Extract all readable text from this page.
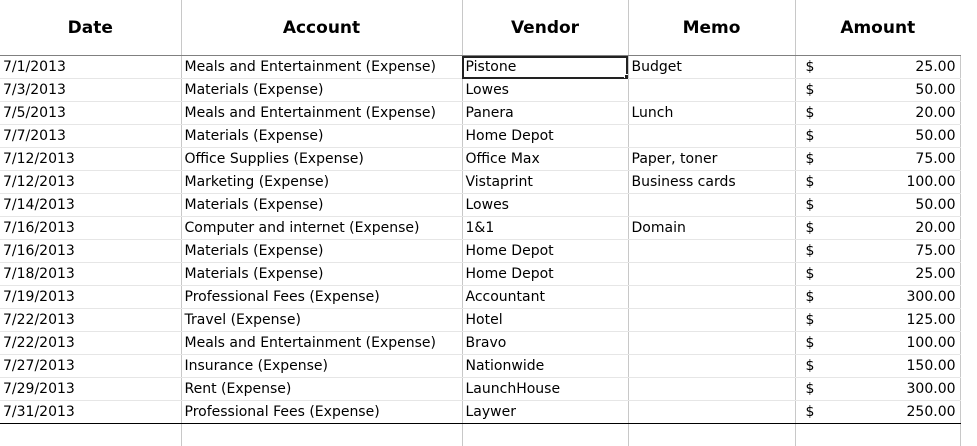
Date	Account	Vendor	Memo	Amount	
7/1/2013	Meals and Entertainment (Expense)	Pistone	Budget	$	25.00
7/3/2013	Materials (Expense)	Lowes		$	50.00
7/5/2013	Meals and Entertainment (Expense)	Panera	Lunch	$	20.00
7/7/2013	Materials (Expense)	Home Depot		$	50.00
7/12/2013	Office Supplies (Expense)	Office Max	Paper, toner	$	75.00
7/12/2013	Marketing (Expense)	Vistaprint	Business cards	$	100.00
7/14/2013	Materials (Expense)	Lowes		$	50.00
7/16/2013	Computer and internet (Expense)	1&1	Domain	$	20.00
7/16/2013	Materials (Expense)	Home Depot		$	75.00
7/18/2013	Materials (Expense)	Home Depot		$	25.00
7/19/2013	Professional Fees (Expense)	Accountant		$	300.00
7/22/2013	Travel (Expense)	Hotel		$	125.00
7/22/2013	Meals and Entertainment (Expense)	Bravo		$	100.00
7/27/2013	Insurance (Expense)	Nationwide		$	150.00
7/29/2013	Rent (Expense)	LaunchHouse		$	300.00
7/31/2013	Professional Fees (Expense)	Laywer		$	250.00
